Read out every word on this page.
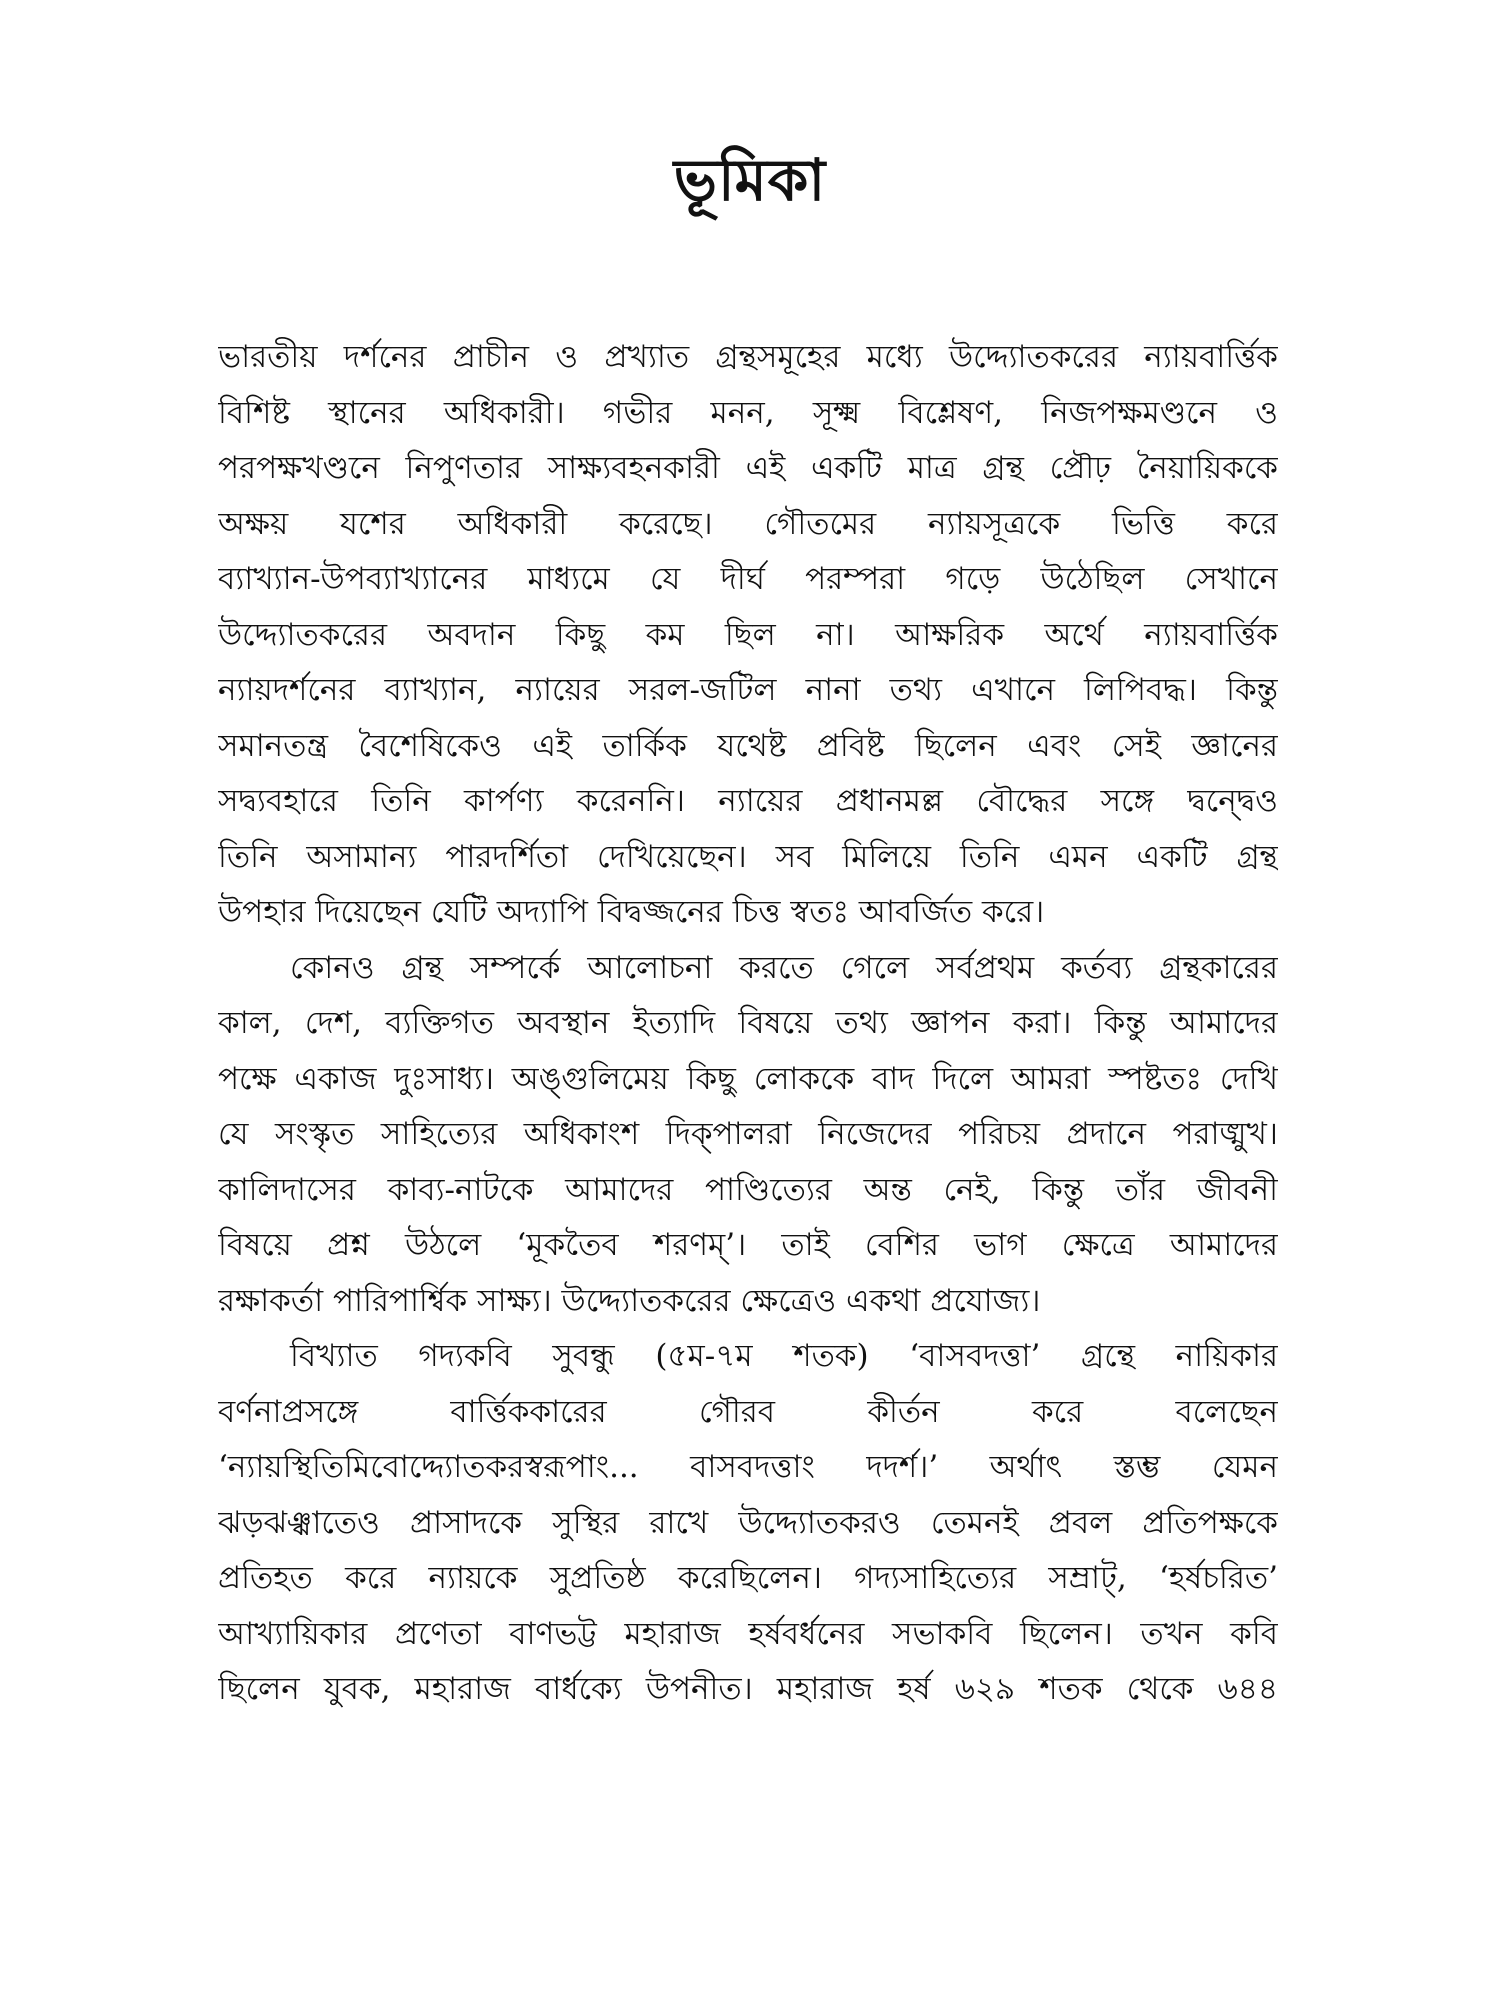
ভূমিকা
ভারতীয় দর্শনের প্রাচীন ও প্রখ্যাত গ্রন্থসমূহের মধ্যে উদ্দ্যোতকরের ন্যায়বার্ত্তিক
বিশিষ্ট স্থানের অধিকারী। গভীর মনন, সূক্ষ্ম বিশ্লেষণ, নিজপক্ষমণ্ডনে ও
পরপক্ষখণ্ডনে নিপুণতার সাক্ষ্যবহনকারী এই একটি মাত্র গ্রন্থ প্রৌঢ় নৈয়ায়িককে
অক্ষয় যশের অধিকারী করেছে। গৌতমের ন্যায়সূত্রকে ভিত্তি করে
ব্যাখ্যান-উপব্যাখ্যানের মাধ্যমে যে দীর্ঘ পরম্পরা গড়ে উঠেছিল সেখানে
উদ্দ্যোতকরের অবদান কিছু কম ছিল না। আক্ষরিক অর্থে ন্যায়বার্ত্তিক
ন্যায়দর্শনের ব্যাখ্যান, ন্যায়ের সরল-জটিল নানা তথ্য এখানে লিপিবদ্ধ। কিন্তু
সমানতন্ত্র বৈশেষিকেও এই তার্কিক যথেষ্ট প্রবিষ্ট ছিলেন এবং সেই জ্ঞানের
সদ্ব্যবহারে তিনি কার্পণ্য করেননি। ন্যায়ের প্রধানমল্ল বৌদ্ধের সঙ্গে দ্বন্দ্বেও
তিনি অসামান্য পারদর্শিতা দেখিয়েছেন। সব মিলিয়ে তিনি এমন একটি গ্রন্থ
উপহার দিয়েছেন যেটি অদ্যাপি বিদ্বজ্জনের চিত্ত স্বতঃ আবর্জিত করে।
কোনও গ্রন্থ সম্পর্কে আলোচনা করতে গেলে সর্বপ্রথম কর্তব্য গ্রন্থকারের
কাল, দেশ, ব্যক্তিগত অবস্থান ইত্যাদি বিষয়ে তথ্য জ্ঞাপন করা। কিন্তু আমাদের
পক্ষে একাজ দুঃসাধ্য। অঙ্গুলিমেয় কিছু লোককে বাদ দিলে আমরা স্পষ্টতঃ দেখি
যে সংস্কৃত সাহিত্যের অধিকাংশ দিক্‌পালরা নিজেদের পরিচয় প্রদানে পরাঙ্মুখ।
কালিদাসের কাব্য-নাটকে আমাদের পাণ্ডিত্যের অন্ত নেই, কিন্তু তাঁর জীবনী
বিষয়ে প্রশ্ন উঠলে ‘মূকতৈব শরণম্’। তাই বেশির ভাগ ক্ষেত্রে আমাদের
রক্ষাকর্তা পারিপার্শ্বিক সাক্ষ্য। উদ্দ্যোতকরের ক্ষেত্রেও একথা প্রযোজ্য।
বিখ্যাত গদ্যকবি সুবন্ধু (৫ম-৭ম শতক) ‘বাসবদত্তা’ গ্রন্থে নায়িকার
বর্ণনাপ্রসঙ্গে বার্ত্তিককারের গৌরব কীর্তন করে বলেছেন
‘ন্যায়স্থিতিমিবোদ্দ্যোতকরস্বরূপাং... বাসবদত্তাং দদর্শ।’ অর্থাৎ স্তম্ভ যেমন
ঝড়ঝঞ্ঝাতেও প্রাসাদকে সুস্থির রাখে উদ্দ্যোতকরও তেমনই প্রবল প্রতিপক্ষকে
প্রতিহত করে ন্যায়কে সুপ্রতিষ্ঠ করেছিলেন। গদ্যসাহিত্যের সম্রাট্, ‘হর্ষচরিত’
আখ্যায়িকার প্রণেতা বাণভট্ট মহারাজ হর্ষবর্ধনের সভাকবি ছিলেন। তখন কবি
ছিলেন যুবক, মহারাজ বার্ধক্যে উপনীত। মহারাজ হর্ষ ৬২৯ শতক থেকে ৬৪৪
